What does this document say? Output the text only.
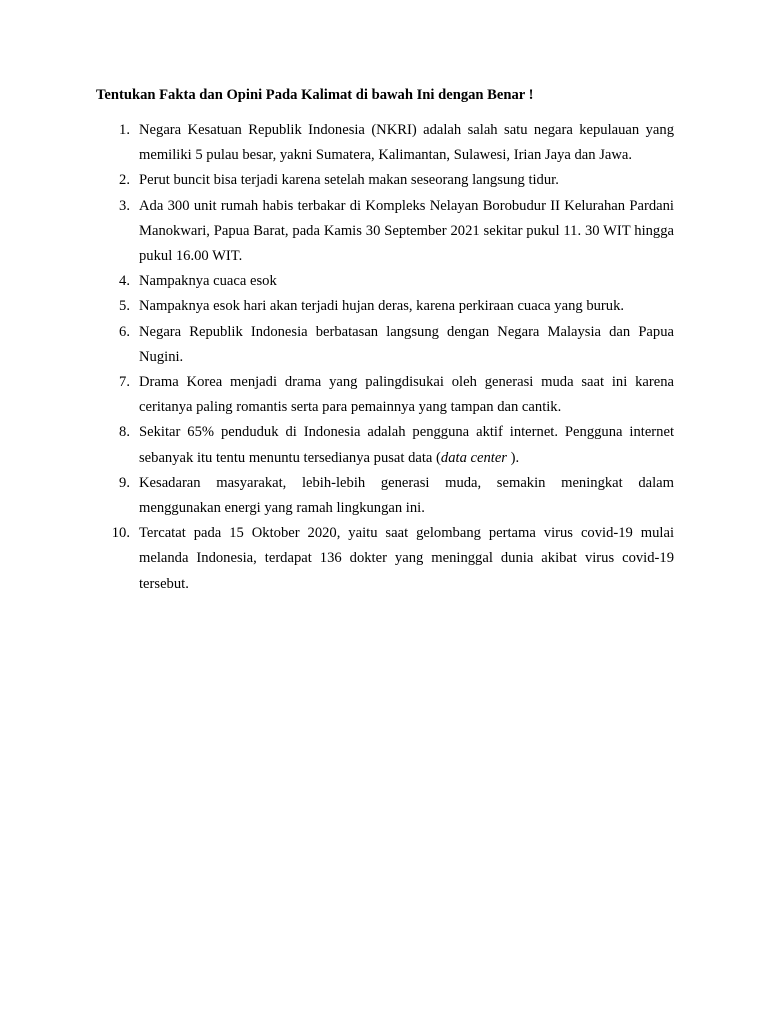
Tentukan Fakta dan Opini Pada Kalimat di bawah Ini dengan Benar !
1. Negara Kesatuan Republik Indonesia (NKRI) adalah salah satu negara kepulauan yang memiliki 5 pulau besar, yakni Sumatera, Kalimantan, Sulawesi, Irian Jaya dan Jawa.
2. Perut buncit bisa terjadi karena setelah makan seseorang langsung tidur.
3. Ada 300 unit rumah habis terbakar di Kompleks Nelayan Borobudur II Kelurahan Pardani Manokwari, Papua Barat, pada Kamis 30 September 2021 sekitar pukul 11. 30 WIT hingga pukul 16.00 WIT.
4. Nampaknya cuaca esok
5. Nampaknya esok hari akan terjadi hujan deras, karena perkiraan cuaca yang buruk.
6. Negara Republik Indonesia berbatasan langsung dengan Negara Malaysia dan Papua Nugini.
7. Drama Korea menjadi drama yang palingdisukai oleh generasi muda saat ini karena ceritanya paling romantis serta para pemainnya yang tampan dan cantik.
8. Sekitar 65% penduduk di Indonesia adalah pengguna aktif internet. Pengguna internet sebanyak itu tentu menuntu tersedianya pusat data (data center ).
9. Kesadaran masyarakat, lebih-lebih generasi muda, semakin meningkat dalam menggunakan energi yang ramah lingkungan ini.
10. Tercatat pada 15 Oktober 2020, yaitu saat gelombang pertama virus covid-19 mulai melanda Indonesia, terdapat 136 dokter yang meninggal dunia akibat virus covid-19 tersebut.
